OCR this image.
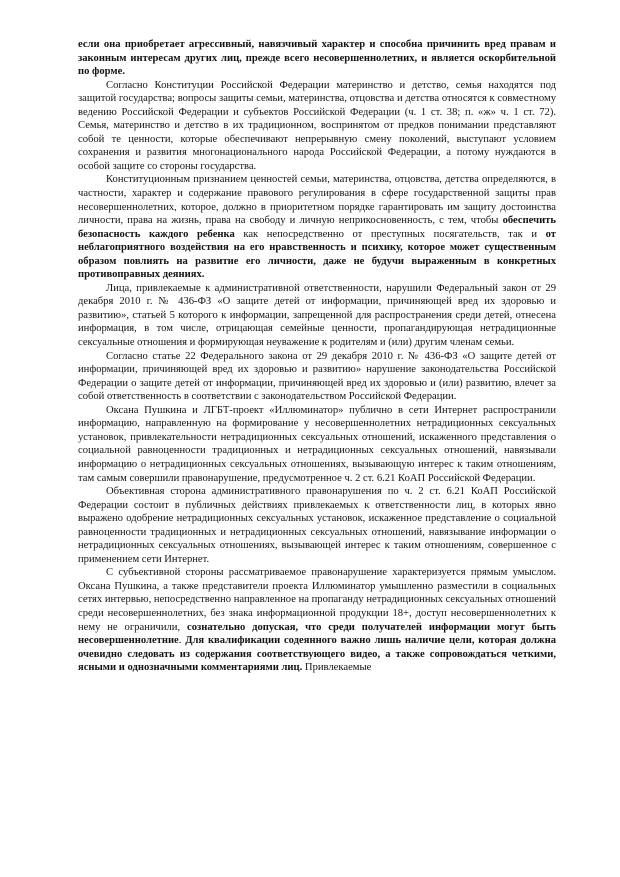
если она приобретает агрессивный, навязчивый характер и способна причинить вред правам и законным интересам других лиц, прежде всего несовершеннолетних, и является оскорбительной по форме.

Согласно Конституции Российской Федерации материнство и детство, семья находятся под защитой государства; вопросы защиты семьи, материнства, отцовства и детства относятся к совместному ведению Российской Федерации и субъектов Российской Федерации (ч. 1 ст. 38; п. «ж» ч. 1 ст. 72). Семья, материнство и детство в их традиционном, воспринятом от предков понимании представляют собой те ценности, которые обеспечивают непрерывную смену поколений, выступают условием сохранения и развития многонационального народа Российской Федерации, а потому нуждаются в особой защите со стороны государства.

Конституционным признанием ценностей семьи, материнства, отцовства, детства определяются, в частности, характер и содержание правового регулирования в сфере государственной защиты прав несовершеннолетних, которое, должно в приоритетном порядке гарантировать им защиту достоинства личности, права на жизнь, права на свободу и личную неприкосновенность, с тем, чтобы обеспечить безопасность каждого ребенка как непосредственно от преступных посягательств, так и от неблагоприятного воздействия на его нравственность и психику, которое может существенным образом повлиять на развитие его личности, даже не будучи выраженным в конкретных противоправных деяниях.

Лица, привлекаемые к административной ответственности, нарушили Федеральный закон от 29 декабря 2010 г. № 436-ФЗ «О защите детей от информации, причиняющей вред их здоровью и развитию», статьей 5 которого к информации, запрещенной для распространения среди детей, отнесена информация, в том числе, отрицающая семейные ценности, пропагандирующая нетрадиционные сексуальные отношения и формирующая неуважение к родителям и (или) другим членам семьи.

Согласно статье 22 Федерального закона от 29 декабря 2010 г. № 436-ФЗ «О защите детей от информации, причиняющей вред их здоровью и развитию» нарушение законодательства Российской Федерации о защите детей от информации, причиняющей вред их здоровью и (или) развитию, влечет за собой ответственность в соответствии с законодательством Российской Федерации.

Оксана Пушкина и ЛГБТ-проект «Иллюминатор» публично в сети Интернет распространили информацию, направленную на формирование у несовершеннолетних нетрадиционных сексуальных установок, привлекательности нетрадиционных сексуальных отношений, искаженного представления о социальной равноценности традиционных и нетрадиционных сексуальных отношений, навязывали информацию о нетрадиционных сексуальных отношениях, вызывающую интерес к таким отношениям, там самым совершили правонарушение, предусмотренное ч. 2 ст. 6.21 КоАП Российской Федерации.

Объективная сторона административного правонарушения по ч. 2 ст. 6.21 КоАП Российской Федерации состоит в публичных действиях привлекаемых к ответственности лиц, в которых явно выражено одобрение нетрадиционных сексуальных установок, искаженное представление о социальной равноценности традиционных и нетрадиционных сексуальных отношений, навязывание информации о нетрадиционных сексуальных отношениях, вызывающей интерес к таким отношениям, совершенное с применением сети Интернет.

С субъективной стороны рассматриваемое правонарушение характеризуется прямым умыслом. Оксана Пушкина, а также представители проекта Иллюминатор умышленно разместили в социальных сетях интервью, непосредственно направленное на пропаганду нетрадиционных сексуальных отношений среди несовершеннолетних, без знака информационной продукции 18+, доступ несовершеннолетних к нему не ограничили, сознательно допуская, что среди получателей информации могут быть несовершеннолетние. Для квалификации содеянного важно лишь наличие цели, которая должна очевидно следовать из содержания соответствующего видео, а также сопровождаться четкими, ясными и однозначными комментариями лиц. Привлекаемые
